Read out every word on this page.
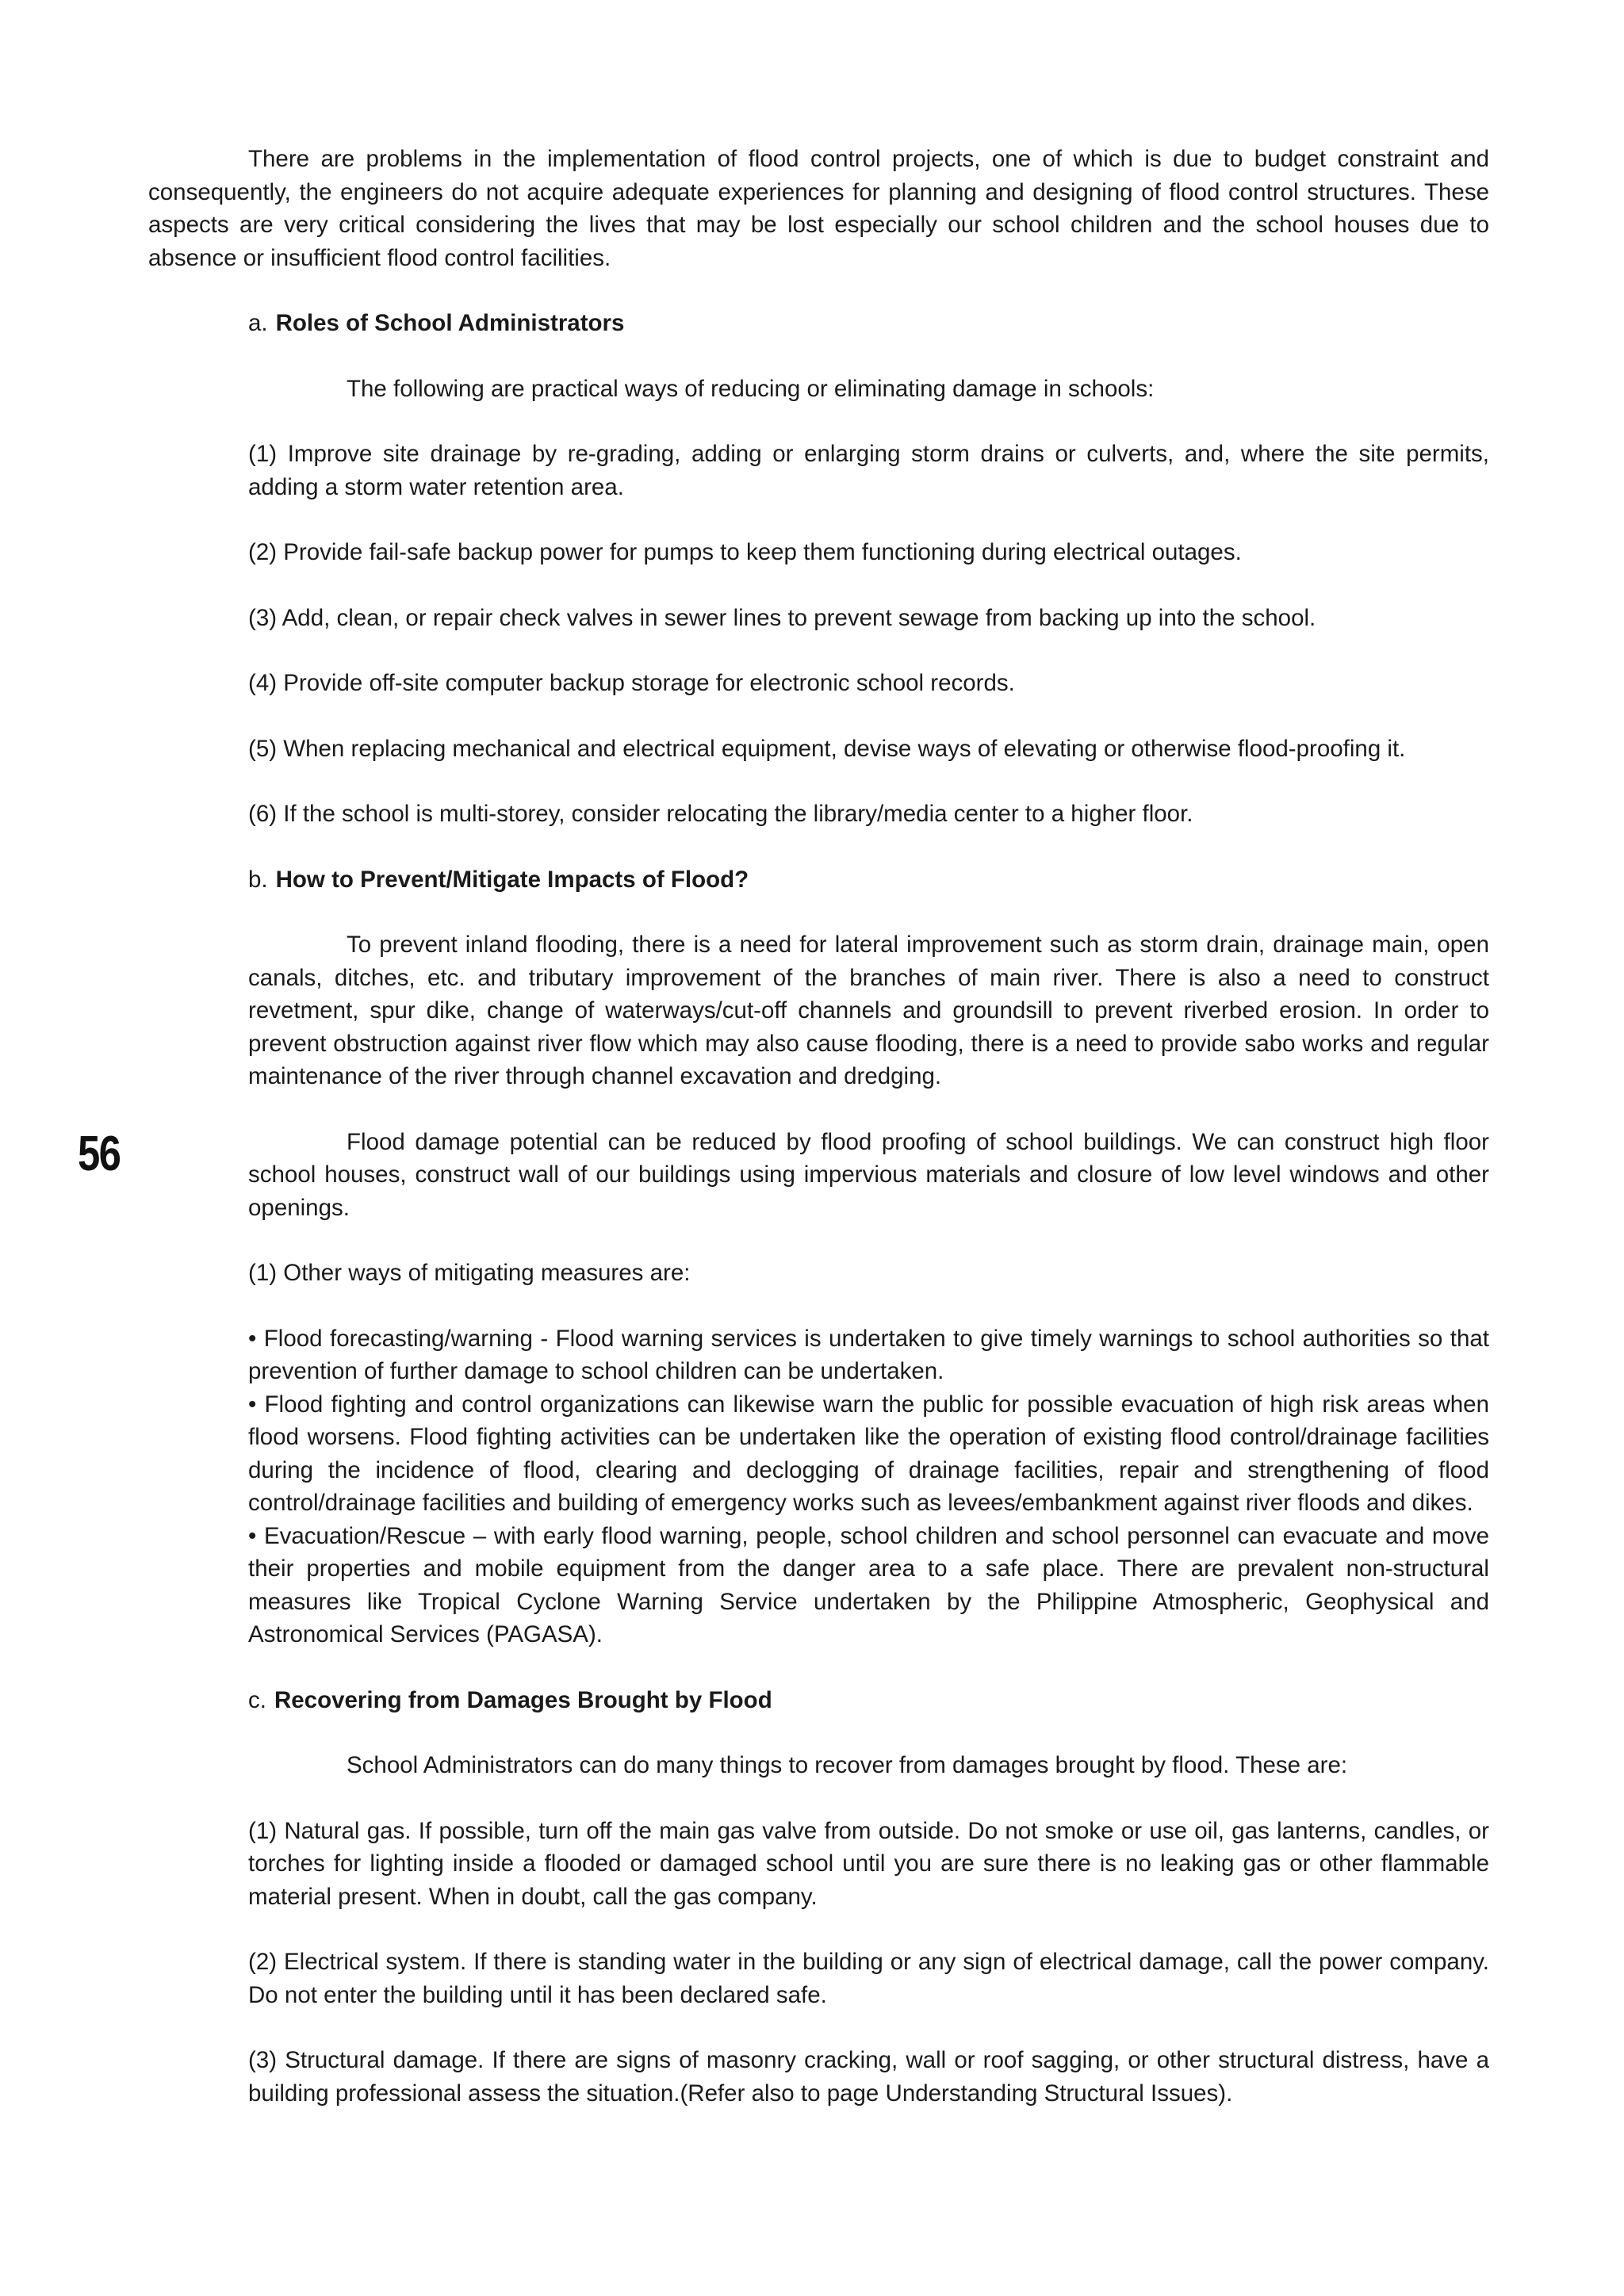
56

There are problems in the implementation of flood control projects, one of which is due to budget constraint and consequently, the engineers do not acquire adequate experiences for planning and designing of flood control structures. These aspects are very critical considering the lives that may be lost especially our school children and the school houses due to absence or insufficient flood control facilities.

a. Roles of School Administrators

The following are practical ways of reducing or eliminating damage in schools:

(1) Improve site drainage by re-grading, adding or enlarging storm drains or culverts, and, where the site permits, adding a storm water retention area.

(2) Provide fail-safe backup power for pumps to keep them functioning during electrical outages.

(3) Add, clean, or repair check valves in sewer lines to prevent sewage from backing up into the school.

(4) Provide off-site computer backup storage for electronic school records.

(5) When replacing mechanical and electrical equipment, devise ways of elevating or otherwise flood-proofing it.

(6) If the school is multi-storey, consider relocating the library/media center to a higher floor.

b. How to Prevent/Mitigate Impacts of Flood?

To prevent inland flooding, there is a need for lateral improvement such as storm drain, drainage main, open canals, ditches, etc. and tributary improvement of the branches of main river. There is also a need to construct revetment, spur dike, change of waterways/cut-off channels and groundsill to prevent riverbed erosion. In order to prevent obstruction against river flow which may also cause flooding, there is a need to provide sabo works and regular maintenance of the river through channel excavation and dredging.

Flood damage potential can be reduced by flood proofing of school buildings. We can construct high floor school houses, construct wall of our buildings using impervious materials and closure of low level windows and other openings.

(1) Other ways of mitigating measures are:

• Flood forecasting/warning - Flood warning services is undertaken to give timely warnings to school authorities so that prevention of further damage to school children can be undertaken.

• Flood fighting and control organizations can likewise warn the public for possible evacuation of high risk areas when flood worsens. Flood fighting activities can be undertaken like the operation of existing flood control/drainage facilities during the incidence of flood, clearing and declogging of drainage facilities, repair and strengthening of flood control/drainage facilities and building of emergency works such as levees/embankment against river floods and dikes.

• Evacuation/Rescue – with early flood warning, people, school children and school personnel can evacuate and move their properties and mobile equipment from the danger area to a safe place. There are prevalent non-structural measures like Tropical Cyclone Warning Service undertaken by the Philippine Atmospheric, Geophysical and Astronomical Services (PAGASA).

c. Recovering from Damages Brought by Flood

School Administrators can do many things to recover from damages brought by flood. These are:

(1) Natural gas. If possible, turn off the main gas valve from outside. Do not smoke or use oil, gas lanterns, candles, or torches for lighting inside a flooded or damaged school until you are sure there is no leaking gas or other flammable material present. When in doubt, call the gas company.

(2) Electrical system. If there is standing water in the building or any sign of electrical damage, call the power company. Do not enter the building until it has been declared safe.

(3) Structural damage. If there are signs of masonry cracking, wall or roof sagging, or other structural distress, have a building professional assess the situation.(Refer also to page Understanding Structural Issues).
